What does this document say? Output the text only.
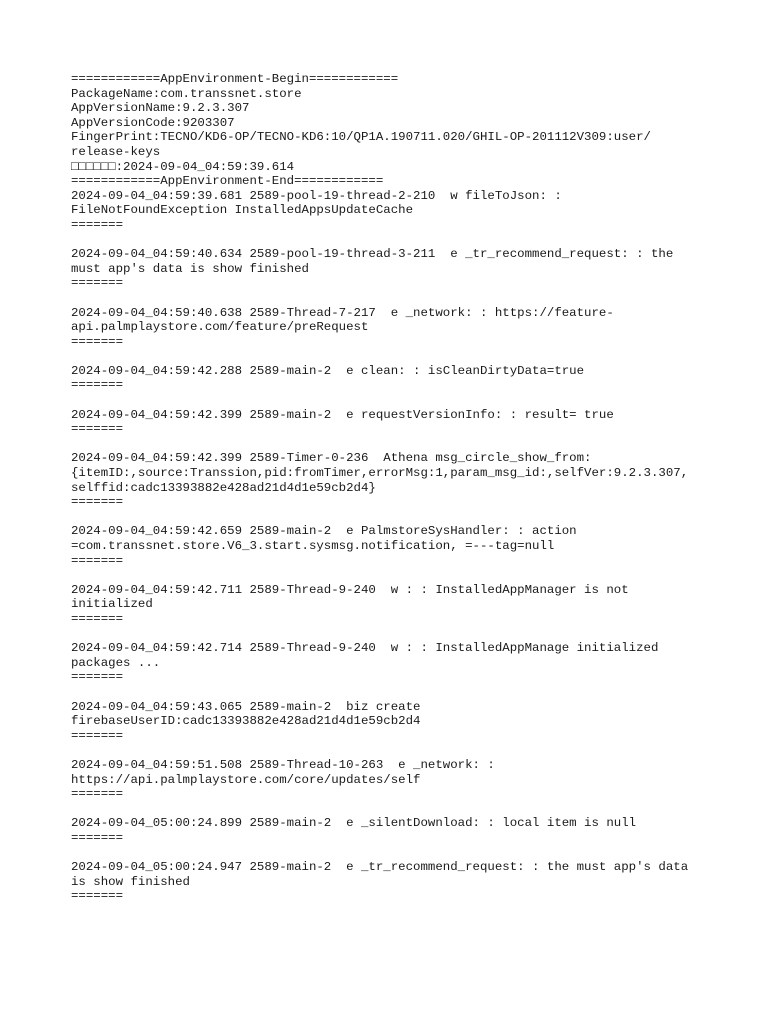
============AppEnvironment-Begin============
PackageName:com.transsnet.store
AppVersionName:9.2.3.307
AppVersionCode:9203307
FingerPrint:TECNO/KD6-OP/TECNO-KD6:10/QP1A.190711.020/GHIL-OP-201112V309:user/
release-keys
□□□□□□:2024-09-04_04:59:39.614
============AppEnvironment-End============
2024-09-04_04:59:39.681 2589-pool-19-thread-2-210  w fileToJson: :
FileNotFoundException InstalledAppsUpdateCache
=======
2024-09-04_04:59:40.634 2589-pool-19-thread-3-211  e _tr_recommend_request: : the
must app's data is show finished
=======
2024-09-04_04:59:40.638 2589-Thread-7-217  e _network: : https://feature-
api.palmplaystore.com/feature/preRequest
=======
2024-09-04_04:59:42.288 2589-main-2  e clean: : isCleanDirtyData=true
=======
2024-09-04_04:59:42.399 2589-main-2  e requestVersionInfo: : result= true
=======
2024-09-04_04:59:42.399 2589-Timer-0-236  Athena msg_circle_show_from:
{itemID:,source:Transsion,pid:fromTimer,errorMsg:1,param_msg_id:,selfVer:9.2.3.307,
selffid:cadc13393882e428ad21d4d1e59cb2d4}
=======
2024-09-04_04:59:42.659 2589-main-2  e PalmstoreSysHandler: : action
=com.transsnet.store.V6_3.start.sysmsg.notification, =---tag=null
=======
2024-09-04_04:59:42.711 2589-Thread-9-240  w : : InstalledAppManager is not
initialized
=======
2024-09-04_04:59:42.714 2589-Thread-9-240  w : : InstalledAppManage initialized
packages ...
=======
2024-09-04_04:59:43.065 2589-main-2  biz create
firebaseUserID:cadc13393882e428ad21d4d1e59cb2d4
=======
2024-09-04_04:59:51.508 2589-Thread-10-263  e _network: :
https://api.palmplaystore.com/core/updates/self
=======
2024-09-04_05:00:24.899 2589-main-2  e _silentDownload: : local item is null
=======
2024-09-04_05:00:24.947 2589-main-2  e _tr_recommend_request: : the must app's data
is show finished
=======
